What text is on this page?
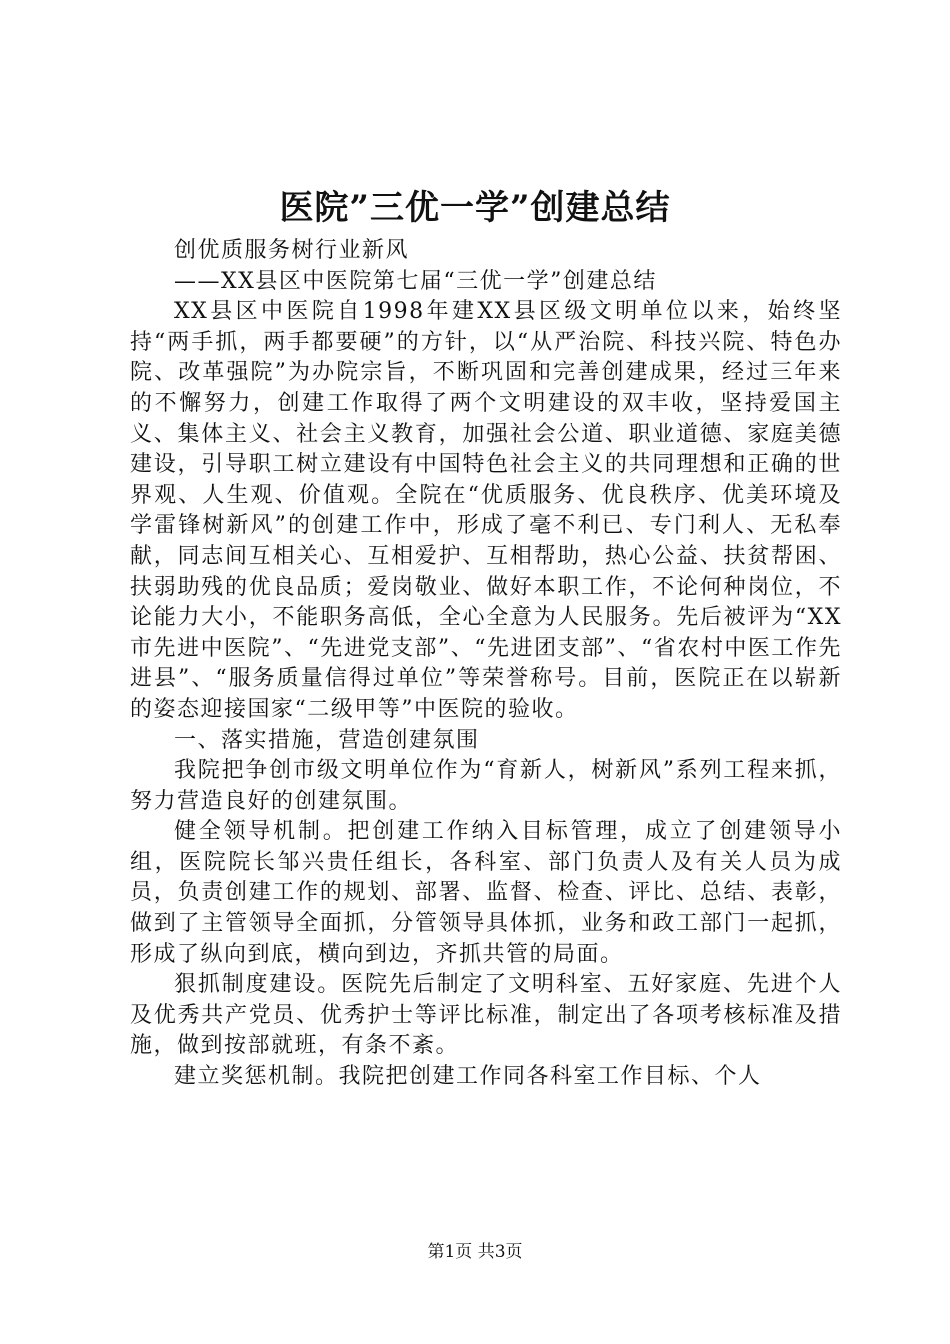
医院”三优一学”创建总结

创优质服务树行业新风

——XX县区中医院第七届“三优一学”创建总结

XX县区中医院自1998年建XX县区级文明单位以来，始终坚持“两手抓，两手都要硬”的方针，以“从严治院、科技兴院、特色办院、改革强院”为办院宗旨，不断巩固和完善创建成果，经过三年来的不懈努力，创建工作取得了两个文明建设的双丰收，坚持爱国主义、集体主义、社会主义教育，加强社会公道、职业道德、家庭美德建设，引导职工树立建设有中国特色社会主义的共同理想和正确的世界观、人生观、价值观。全院在“优质服务、优良秩序、优美环境及学雷锋树新风”的创建工作中，形成了毫不利已、专门利人、无私奉献，同志间互相关心、互相爱护、互相帮助，热心公益、扶贫帮困、扶弱助残的优良品质；爱岗敬业、做好本职工作，不论何种岗位，不论能力大小，不能职务高低，全心全意为人民服务。先后被评为“XX市先进中医院”、“先进党支部”、“先进团支部”、“省农村中医工作先进县”、“服务质量信得过单位”等荣誉称号。目前，医院正在以崭新的姿态迎接国家“二级甲等”中医院的验收。

一、落实措施，营造创建氛围

我院把争创市级文明单位作为“育新人，树新风”系列工程来抓，努力营造良好的创建氛围。

健全领导机制。把创建工作纳入目标管理，成立了创建领导小组，医院院长邹兴贵任组长，各科室、部门负责人及有关人员为成员，负责创建工作的规划、部署、监督、检查、评比、总结、表彰，做到了主管领导全面抓，分管领导具体抓，业务和政工部门一起抓，形成了纵向到底，横向到边，齐抓共管的局面。

狠抓制度建设。医院先后制定了文明科室、五好家庭、先进个人及优秀共产党员、优秀护士等评比标准，制定出了各项考核标准及措施，做到按部就班，有条不紊。

建立奖惩机制。我院把创建工作同各科室工作目标、个人

第1页 共3页
